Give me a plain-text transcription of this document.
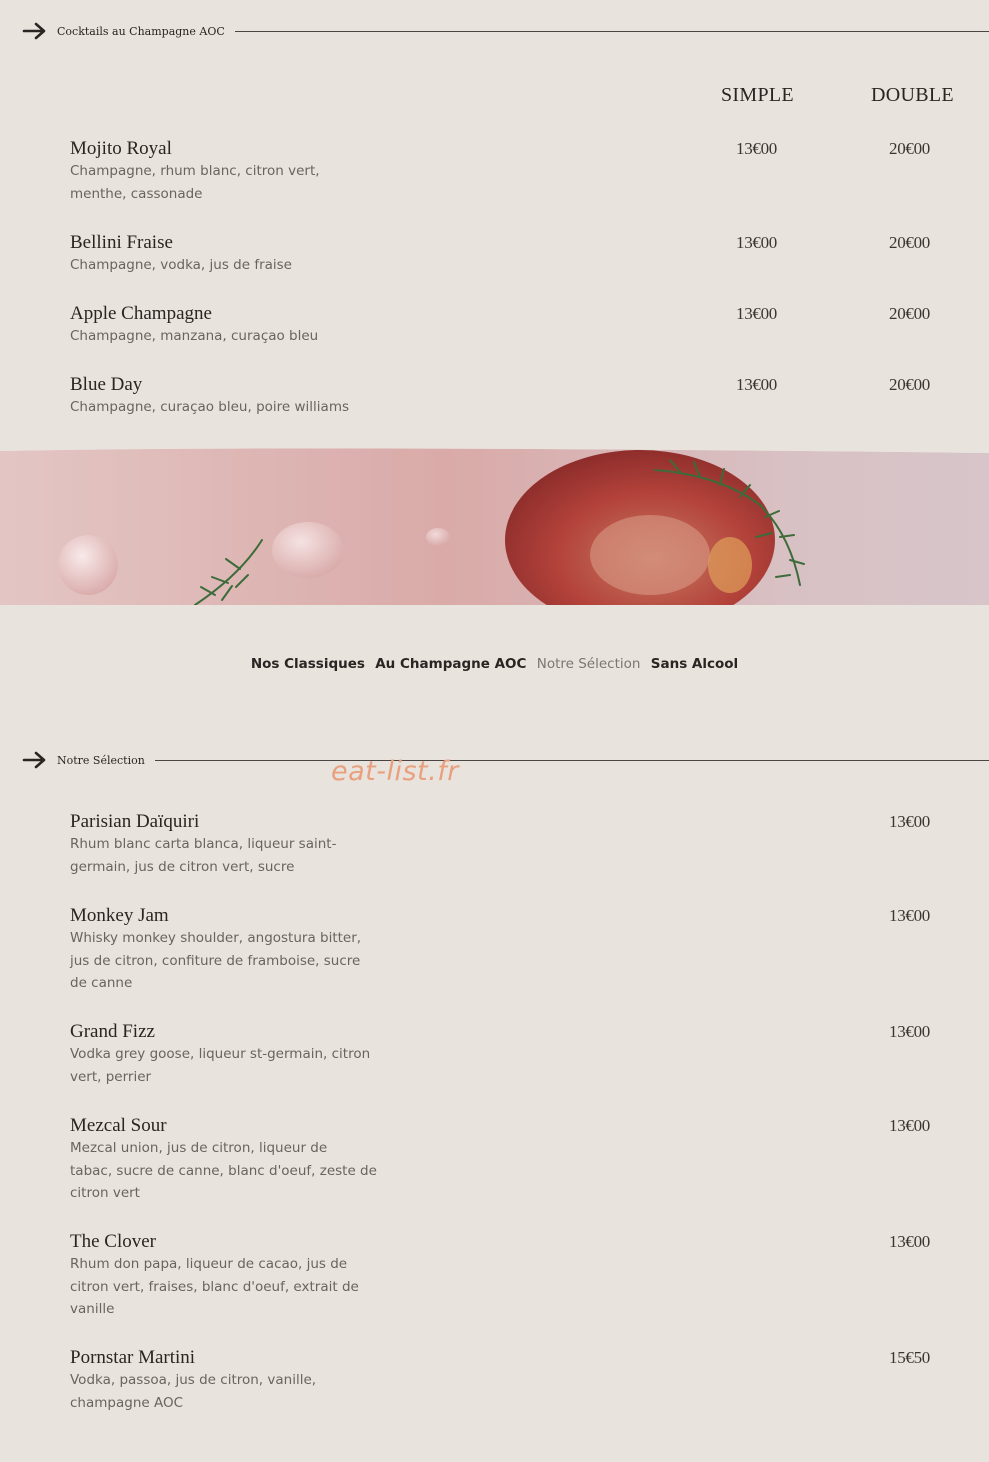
Cocktails au Champagne AOC
SIMPLE	DOUBLE
Mojito Royal
Champagne, rhum blanc, citron vert,
menthe, cassonade
13€00	20€00
Bellini Fraise
Champagne, vodka, jus de fraise
13€00	20€00
Apple Champagne
Champagne, manzana, curaçao bleu
13€00	20€00
Blue Day
Champagne, curaçao bleu, poire williams
13€00	20€00
Nos Classiques Au Champagne AOC Notre Sélection Sans Alcool
Notre Sélection	eat-list.fr
Parisian Daïquiri
Rhum blanc carta blanca, liqueur saint-
germain, jus de citron vert, sucre
13€00
Monkey Jam
Whisky monkey shoulder, angostura bitter,
jus de citron, confiture de framboise, sucre
de canne
13€00
Grand Fizz
Vodka grey goose, liqueur st-germain, citron
vert, perrier
13€00
Mezcal Sour
Mezcal union, jus de citron, liqueur de
tabac, sucre de canne, blanc d'oeuf, zeste de
citron vert
13€00
The Clover
Rhum don papa, liqueur de cacao, jus de
citron vert, fraises, blanc d'oeuf, extrait de
vanille
13€00
Pornstar Martini
Vodka, passoa, jus de citron, vanille,
champagne AOC
15€50
